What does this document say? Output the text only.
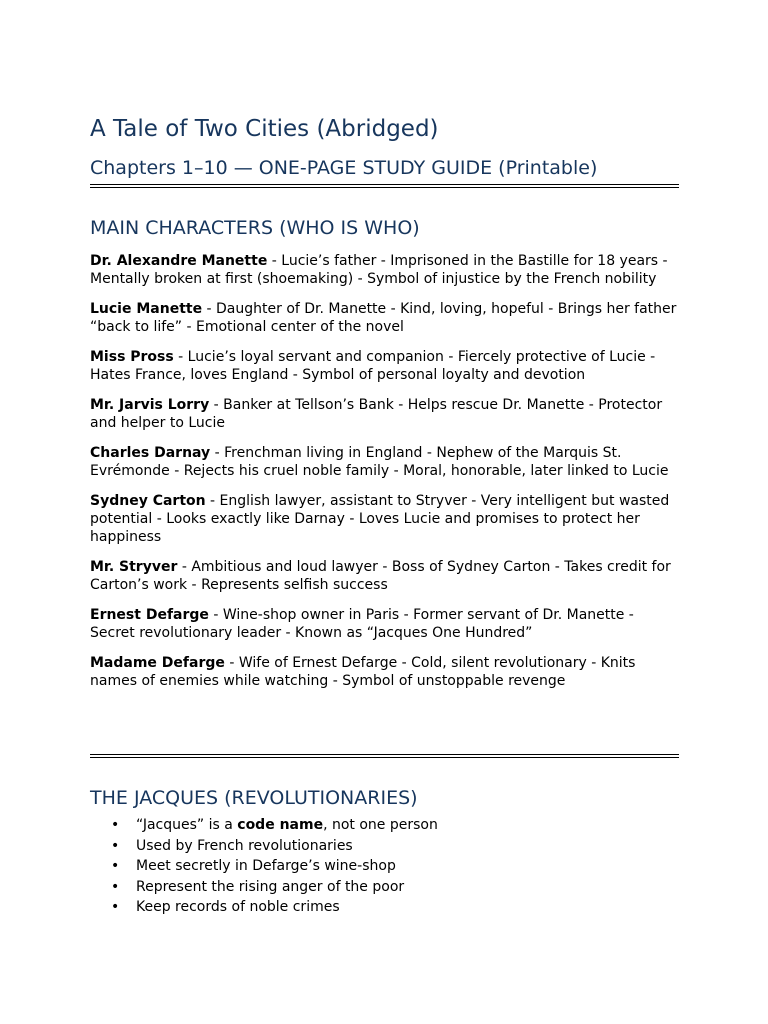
A Tale of Two Cities (Abridged)
Chapters 1–10 — ONE-PAGE STUDY GUIDE (Printable)
MAIN CHARACTERS (WHO IS WHO)

Dr. Alexandre Manette - Lucie’s father - Imprisoned in the Bastille for 18 years - Mentally broken at first (shoemaking) - Symbol of injustice by the French nobility

Lucie Manette - Daughter of Dr. Manette - Kind, loving, hopeful - Brings her father “back to life” - Emotional center of the novel

Miss Pross - Lucie’s loyal servant and companion - Fiercely protective of Lucie - Hates France, loves England - Symbol of personal loyalty and devotion

Mr. Jarvis Lorry - Banker at Tellson’s Bank - Helps rescue Dr. Manette - Protector and helper to Lucie

Charles Darnay - Frenchman living in England - Nephew of the Marquis St. Evrémonde - Rejects his cruel noble family - Moral, honorable, later linked to Lucie

Sydney Carton - English lawyer, assistant to Stryver - Very intelligent but wasted potential - Looks exactly like Darnay - Loves Lucie and promises to protect her happiness

Mr. Stryver - Ambitious and loud lawyer - Boss of Sydney Carton - Takes credit for Carton’s work - Represents selfish success

Ernest Defarge - Wine-shop owner in Paris - Former servant of Dr. Manette - Secret revolutionary leader - Known as “Jacques One Hundred”

Madame Defarge - Wife of Ernest Defarge - Cold, silent revolutionary - Knits names of enemies while watching - Symbol of unstoppable revenge

THE JACQUES (REVOLUTIONARIES)
• “Jacques” is a code name, not one person
• Used by French revolutionaries
• Meet secretly in Defarge’s wine-shop
• Represent the rising anger of the poor
• Keep records of noble crimes
